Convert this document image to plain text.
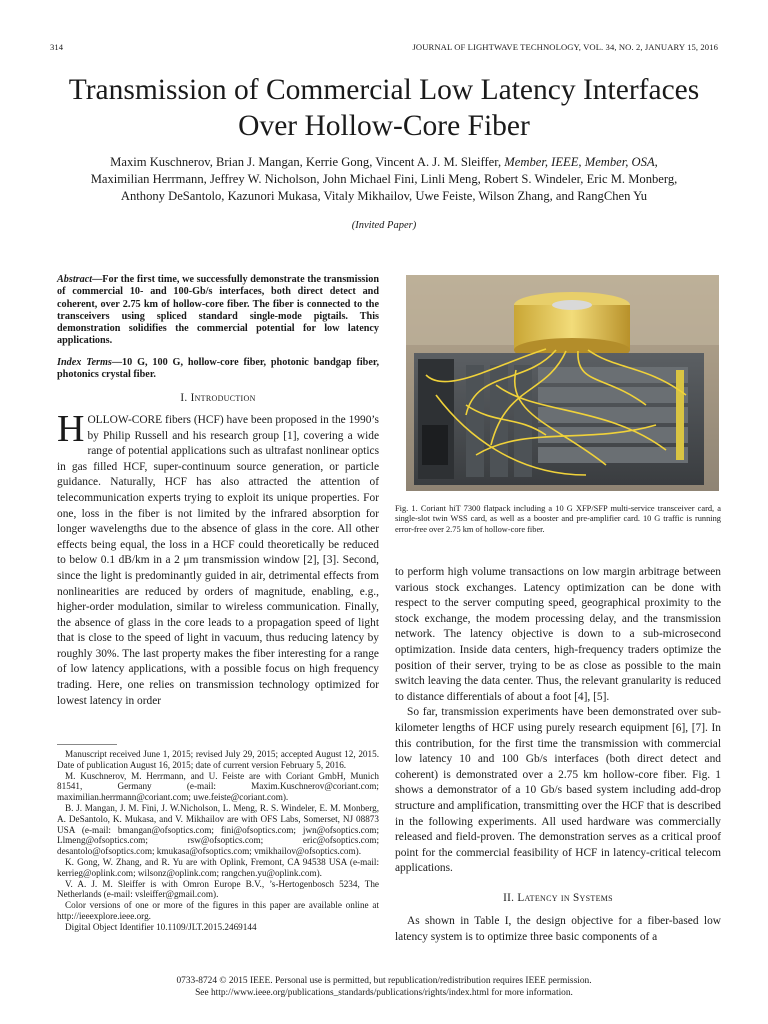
314	JOURNAL OF LIGHTWAVE TECHNOLOGY, VOL. 34, NO. 2, JANUARY 15, 2016
Transmission of Commercial Low Latency Interfaces
Over Hollow-Core Fiber
Maxim Kuschnerov, Brian J. Mangan, Kerrie Gong, Vincent A. J. M. Sleiffer, Member, IEEE, Member, OSA,
Maximilian Herrmann, Jeffrey W. Nicholson, John Michael Fini, Linli Meng, Robert S. Windeler, Eric M. Monberg,
Anthony DeSantolo, Kazunori Mukasa, Vitaly Mikhailov, Uwe Feiste, Wilson Zhang, and RangChen Yu
(Invited Paper)

Abstract—For the first time, we successfully demonstrate the transmission of commercial 10- and 100-Gb/s interfaces, both direct detect and coherent, over 2.75 km of hollow-core fiber. The fiber is connected to the transceivers using spliced standard single-mode pigtails. This demonstration solidifies the commercial potential for low latency applications.

Index Terms—10 G, 100 G, hollow-core fiber, photonic bandgap fiber, photonics crystal fiber.

I. Introduction

HOLLOW-CORE fibers (HCF) have been proposed in the 1990’s by Philip Russell and his research group [1], covering a wide range of potential applications such as ultrafast nonlinear optics in gas filled HCF, super-continuum source generation, or particle guidance. Naturally, HCF has also attracted the attention of telecommunication experts trying to exploit its unique properties. For one, loss in the fiber is not limited by the infrared absorption for longer wavelengths due to the absence of glass in the core. All other effects being equal, the loss in a HCF could theoretically be reduced to below 0.1 dB/km in a 2 μm transmission window [2], [3]. Second, since the light is predominantly guided in air, detrimental effects from nonlinearities are reduced by orders of magnitude, enabling, e.g., higher-order modulation, similar to wireless communication. Finally, the absence of glass in the core leads to a propagation speed of light that is close to the speed of light in vacuum, thus reducing latency by roughly 30%. The last property makes the fiber interesting for a range of low latency applications, with a possible focus on high frequency trading. Here, one relies on transmission technology optimized for lowest latency in order

Manuscript received June 1, 2015; revised July 29, 2015; accepted August 12, 2015. Date of publication August 16, 2015; date of current version February 5, 2016.

M. Kuschnerov, M. Herrmann, and U. Feiste are with Coriant GmbH, Munich 81541, Germany (e-mail: Maxim.Kuschnerov@coriant.com; maximilian.herrmann@coriant.com; uwe.feiste@coriant.com).

B. J. Mangan, J. M. Fini, J. W.Nicholson, L. Meng, R. S. Windeler, E. M. Monberg, A. DeSantolo, K. Mukasa, and V. Mikhailov are with OFS Labs, Somerset, NJ 08873 USA (e-mail: bmangan@ofsoptics.com; fini@ofsoptics.com; jwn@ofsoptics.com; Llmeng@ofsoptics.com; rsw@ofsoptics.com; eric@ofsoptics.com; desantolo@ofsoptics.com; kmukasa@ofsoptics.com; vmikhailov@ofsoptics.com).

K. Gong, W. Zhang, and R. Yu are with Oplink, Fremont, CA 94538 USA (e-mail: kerrieg@oplink.com; wilsonz@oplink.com; rangchen.yu@oplink.com).

V. A. J. M. Sleiffer is with Omron Europe B.V., ’s-Hertogenbosch 5234, The Netherlands (e-mail: vsleiffer@gmail.com).

Color versions of one or more of the figures in this paper are available online at http://ieeexplore.ieee.org.

Digital Object Identifier 10.1109/JLT.2015.2469144

Fig. 1. Coriant hiT 7300 flatpack including a 10 G XFP/SFP multi-service transceiver card, a single-slot twin WSS card, as well as a booster and pre-amplifier card. 10 G traffic is running error-free over 2.75 km of hollow-core fiber.

to perform high volume transactions on low margin arbitrage between various stock exchanges. Latency optimization can be done with respect to the server computing speed, geographical proximity to the stock exchange, the modem processing delay, and the transmission network. The latency objective is down to a sub-microsecond optimization. Inside data centers, high-frequency traders optimize the position of their server, trying to be as close as possible to the main switch leaving the data center. Thus, the relevant granularity is reduced to distance differentials of about a foot [4], [5].

So far, transmission experiments have been demonstrated over sub-kilometer lengths of HCF using purely research equipment [6], [7]. In this contribution, for the first time the transmission with commercial low latency 10 and 100 Gb/s interfaces (both direct detect and coherent) is demonstrated over a 2.75 km hollow-core fiber. Fig. 1 shows a demonstrator of a 10 Gb/s based system including add-drop structure and amplification, transmitting over the HCF that is described in the following experiments. All used hardware was commercially released and field-proven. The demonstration serves as a critical proof point for the commercial feasibility of HCF in latency-critical telecom applications.

II. Latency in Systems

As shown in Table I, the design objective for a fiber-based low latency system is to optimize three basic components of a

0733-8724 © 2015 IEEE. Personal use is permitted, but republication/redistribution requires IEEE permission.
See http://www.ieee.org/publications_standards/publications/rights/index.html for more information.
